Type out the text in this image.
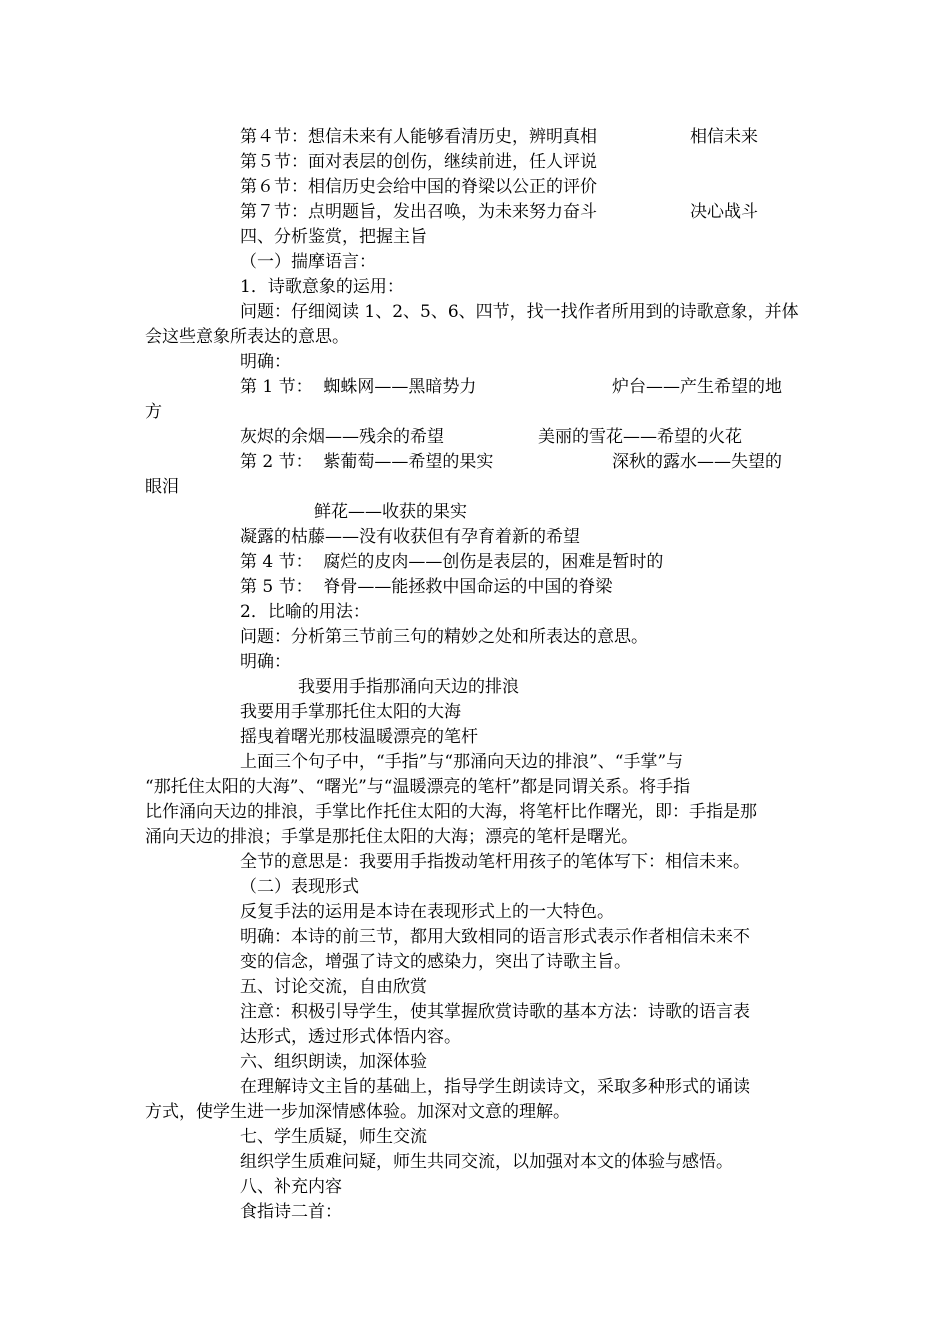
第４节：想信未来有人能够看清历史，辨明真相	相信未来
第５节：面对表层的创伤，继续前进，任人评说
第６节：相信历史会给中国的脊梁以公正的评价
第７节：点明题旨，发出召唤，为未来努力奋斗	决心战斗
四、分析鉴赏，把握主旨
（一）揣摩语言：
1．诗歌意象的运用：
问题：仔细阅读 1、2、5、6、四节，找一找作者所用到的诗歌意象，并体
会这些意象所表达的意思。
明确：
第 1 节：  蜘蛛网——黑暗势力	炉台——产生希望的地
方
灰烬的余烟——残余的希望	美丽的雪花——希望的火花
第 2 节：  紫葡萄——希望的果实	深秋的露水——失望的
眼泪
鲜花——收获的果实
凝露的枯藤——没有收获但有孕育着新的希望
第 4 节：  腐烂的皮肉——创伤是表层的，困难是暂时的
第 5 节：  脊骨——能拯救中国命运的中国的脊梁
2．比喻的用法：
问题：分析第三节前三句的精妙之处和所表达的意思。
明确：
我要用手指那涌向天边的排浪
我要用手掌那托住太阳的大海
摇曳着曙光那枝温暖漂亮的笔杆
上面三个句子中，“手指”与“那涌向天边的排浪”、“手掌”与
“那托住太阳的大海”、“曙光”与“温暖漂亮的笔杆”都是同谓关系。将手指
比作涌向天边的排浪，手掌比作托住太阳的大海，将笔杆比作曙光，即：手指是那
涌向天边的排浪；手掌是那托住太阳的大海；漂亮的笔杆是曙光。
全节的意思是：我要用手指拨动笔杆用孩子的笔体写下：相信未来。
（二）表现形式
反复手法的运用是本诗在表现形式上的一大特色。
明确：本诗的前三节，都用大致相同的语言形式表示作者相信未来不
变的信念，增强了诗文的感染力，突出了诗歌主旨。
五、讨论交流，自由欣赏
注意：积极引导学生，使其掌握欣赏诗歌的基本方法：诗歌的语言表
达形式，透过形式体悟内容。
六、组织朗读，加深体验
在理解诗文主旨的基础上，指导学生朗读诗文，采取多种形式的诵读
方式，使学生进一步加深情感体验。加深对文意的理解。
七、学生质疑，师生交流
组织学生质难问疑，师生共同交流，以加强对本文的体验与感悟。
八、补充内容
食指诗二首：
